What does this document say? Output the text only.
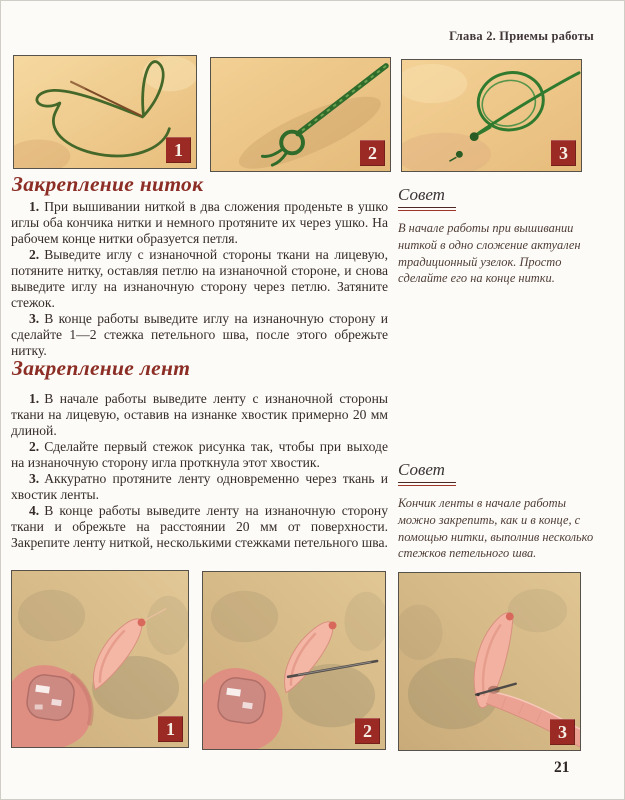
Глава 2. Приемы работы
1	2	3
Закрепление ниток

1. При вышивании ниткой в два сложения проденьте в ушко иглы оба кончика нитки и немного протяните их через ушко. На рабочем конце нитки образуется петля.

2. Выведите иглу с изнаночной стороны ткани на лицевую, потяните нитку, оставляя петлю на изнаночной стороне, и снова выведите иглу на изнаночную сторону через петлю. Затяните стежок.

3. В конце работы выведите иглу на изнаночную сторону и сделайте 1—2 стежка петельного шва, после этого обрежьте нитку.

Совет

В начале работы при вышивании ниткой в одно сложение актуален традиционный узелок. Просто сделайте его на конце нитки.

Закрепление лент

1. В начале работы выведите ленту с изнаночной стороны ткани на лицевую, оставив на изнанке хвостик примерно 20 мм длиной.

2. Сделайте первый стежок рисунка так, чтобы при выходе на изнаночную сторону игла проткнула этот хвостик.

3. Аккуратно протяните ленту одновременно через ткань и хвостик ленты.

4. В конце работы выведите ленту на изнаночную сторону ткани и обрежьте на расстоянии 20 мм от поверхности. Закрепите ленту ниткой, несколькими стежками петельного шва.

Совет

Кончик ленты в начале работы можно закрепить, как и в конце, с помощью нитки, выполнив несколько стежков петельного шва.

1	2	3
21
